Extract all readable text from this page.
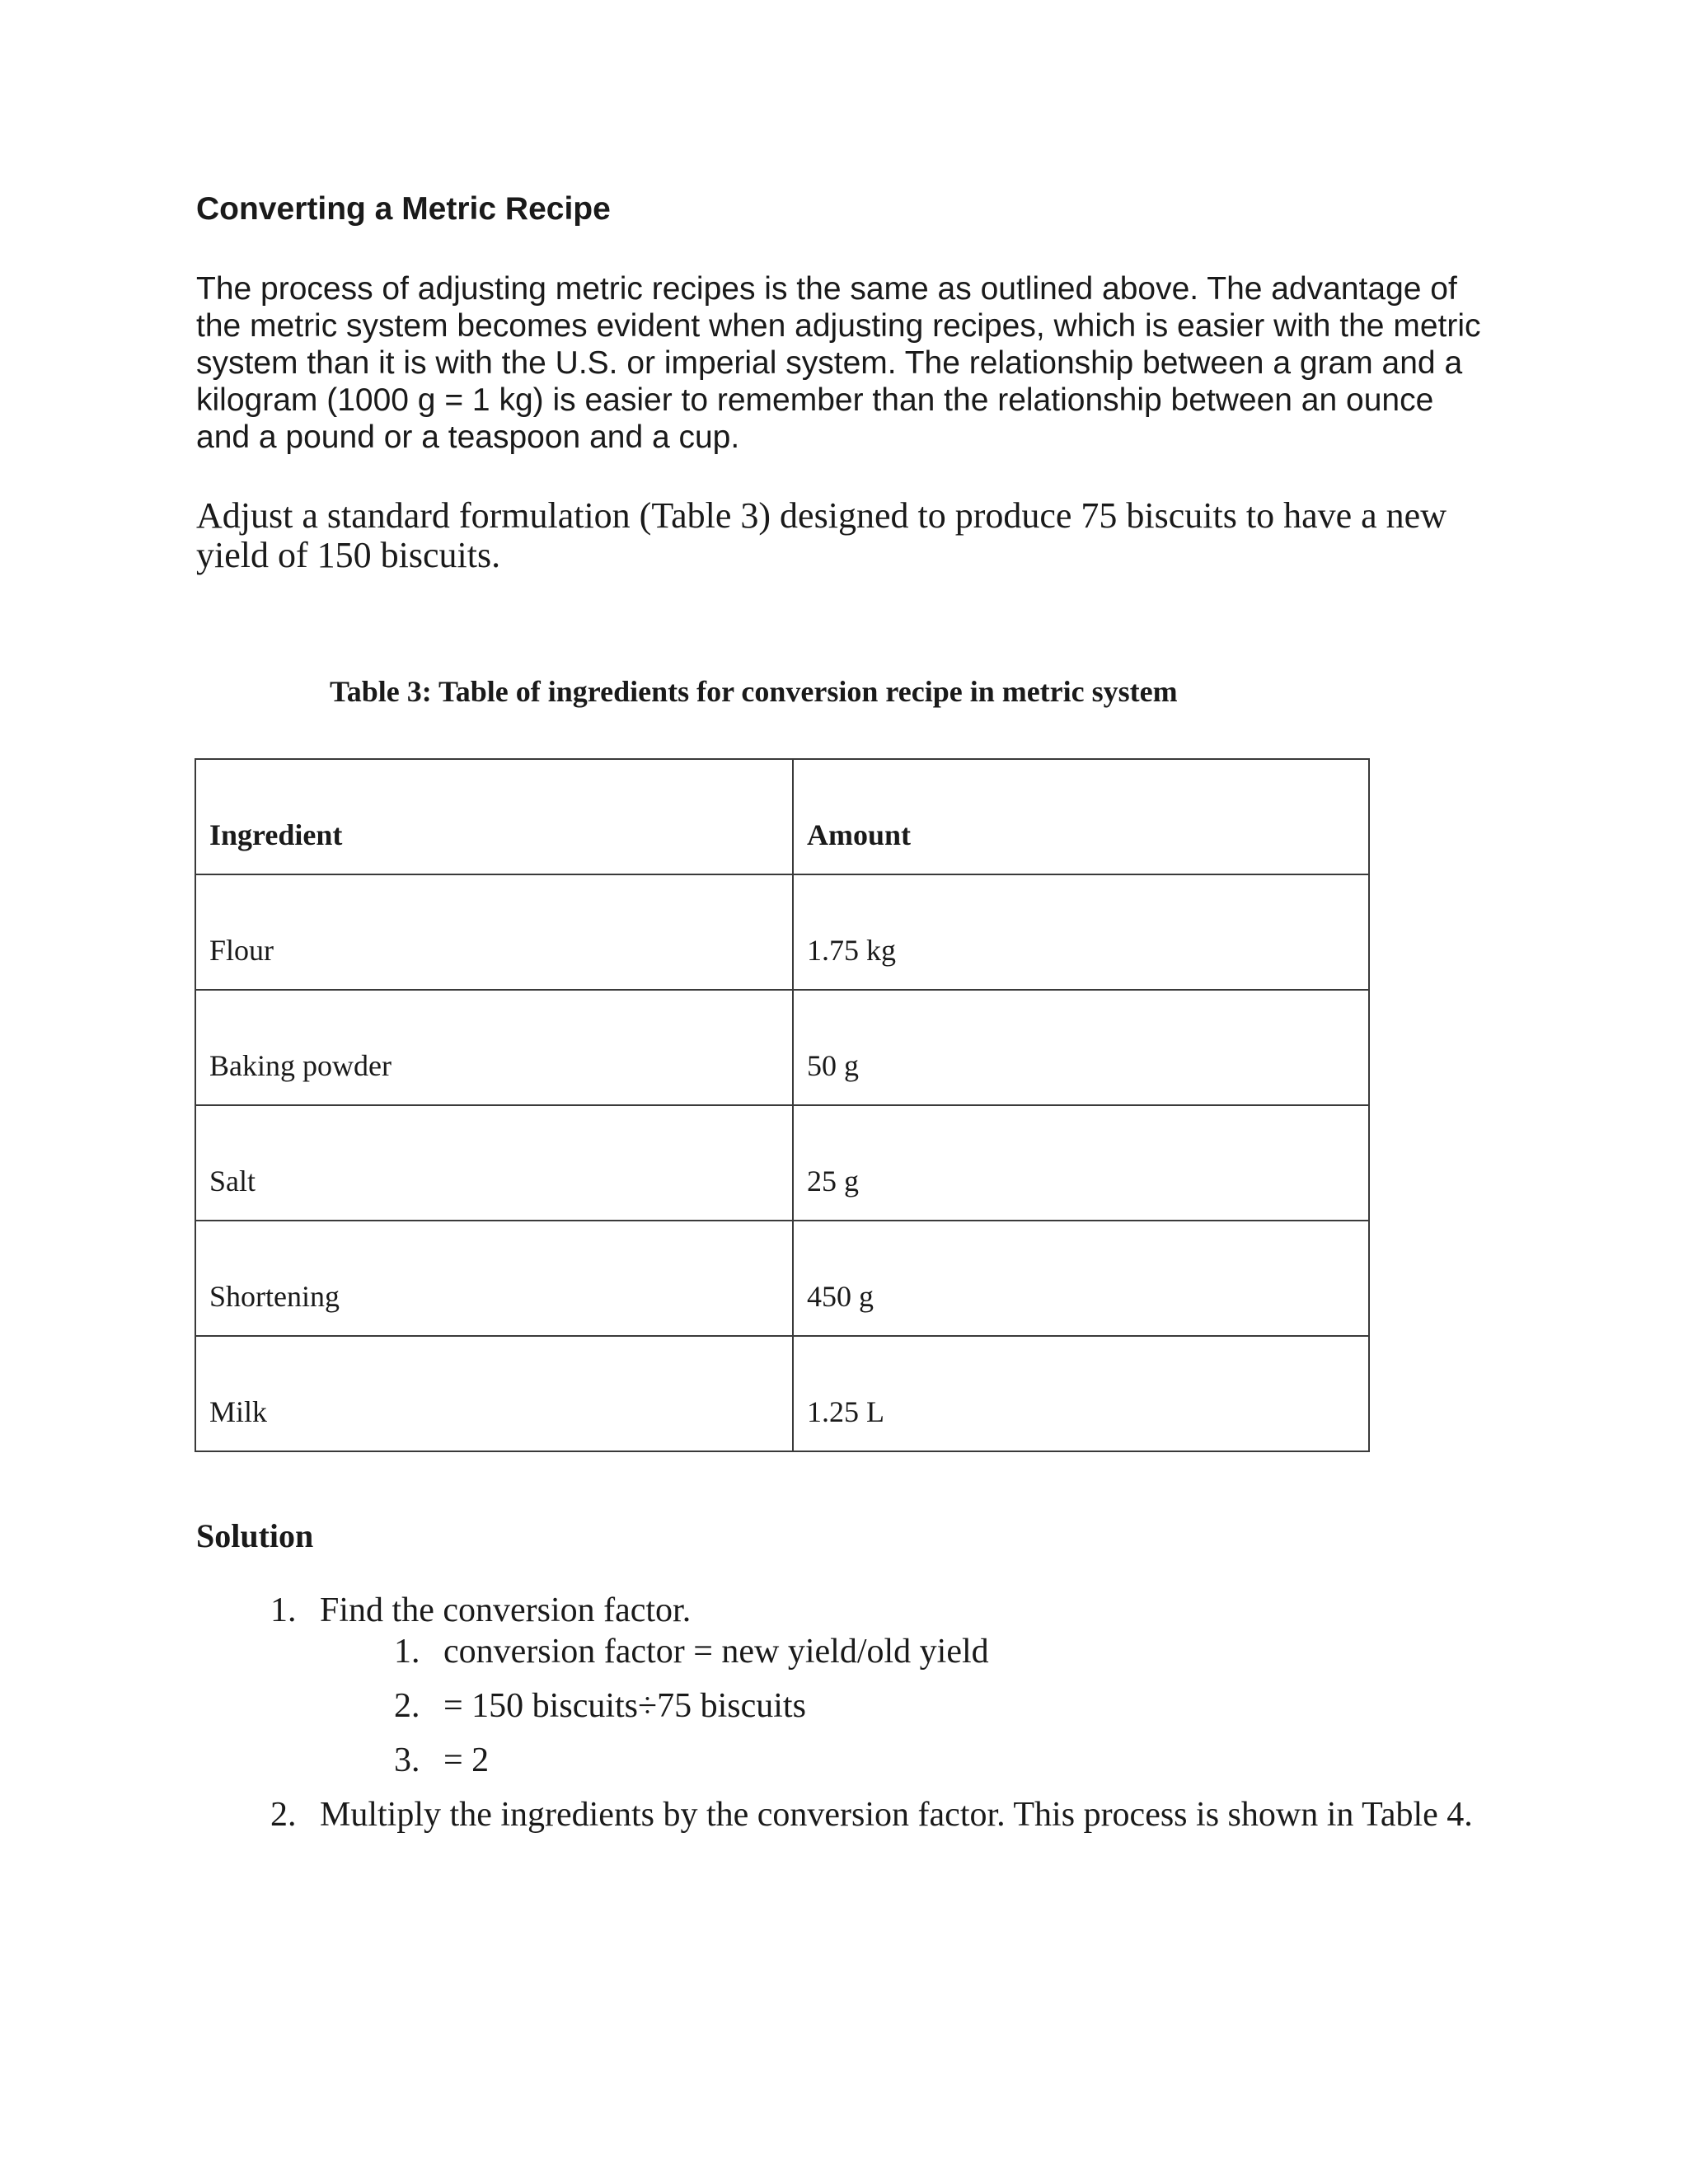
Converting a Metric Recipe

The process of adjusting metric recipes is the same as outlined above. The advantage of the metric system becomes evident when adjusting recipes, which is easier with the metric system than it is with the U.S. or imperial system. The relationship between a gram and a kilogram (1000 g = 1 kg) is easier to remember than the relationship between an ounce and a pound or a teaspoon and a cup.

Adjust a standard formulation (Table 3) designed to produce 75 biscuits to have a new yield of 150 biscuits.

Table 3: Table of ingredients for conversion recipe in metric system

Ingredient	Amount
Flour	1.75 kg
Baking powder	50 g
Salt	25 g
Shortening	450 g
Milk	1.25 L
Solution

1. Find the conversion factor.

1. conversion factor = new yield/old yield

2. = 150 biscuits÷75 biscuits

3. = 2

2. Multiply the ingredients by the conversion factor. This process is shown in Table 4.
